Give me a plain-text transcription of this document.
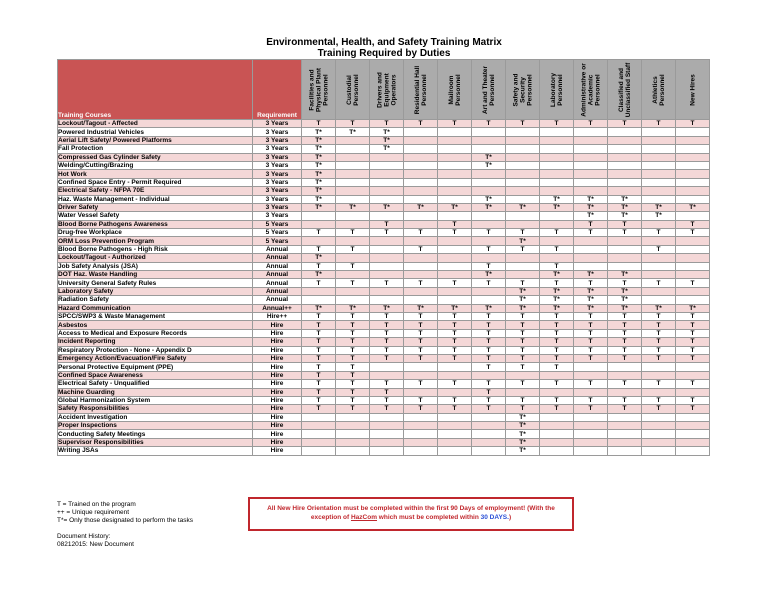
Environmental, Health, and Safety Training Matrix
Training Required by Duties
Training Courses	Requirement	Facilities and Physical Plant Personnel	Custodial Personnel	Drivers and Equipment Operators	Residential Hall Personnel	Mailroom Personnel	Art and Theater Personnel	Safety and Security Personnel	Laboratory Personnel	Administrative or Academic Personnel	Classified and Unclassified Staff	Athletics Personnel	New Hires

Lockout/Tagout - Affected	3 Years	T	T	T	T	T	T	T	T	T	T	T	T
Powered Industrial Vehicles	3 Years	T*	T*	T*									
Aerial Lift Safety/ Powered Platforms	3 Years	T*		T*									
Fall Protection	3 Years	T*		T*									
Compressed Gas Cylinder Safety	3 Years	T*					T*						
Welding/Cutting/Brazing	3 Years	T*					T*						
Hot Work	3 Years	T*											
Confined Space Entry - Permit Required	3 Years	T*											
Electrical Safety - NFPA 70E	3 Years	T*											
Haz. Waste Management - Individual	3 Years	T*					T*		T*	T*	T*		
Driver Safety	3 Years	T*	T*	T*	T*	T*	T*	T*	T*	T*	T*	T*	T*
Water Vessel Safety	3 Years									T*	T*	T*	
Blood Borne Pathogens Awareness	5 Years			T		T				T	T		T
Drug-free Workplace	5 Years	T	T	T	T	T	T	T	T	T	T	T	T
ORM Loss Prevention Program	5 Years							T*					
Blood Borne Pathogens - High Risk	Annual	T	T		T		T	T	T			T	
Lockout/Tagout - Authorized	Annual	T*											
Job Safety Analysis (JSA)	Annual	T	T				T		T				
DOT Haz. Waste Handling	Annual	T*					T*		T*	T*	T*		
University General Safety Rules	Annual	T	T	T	T	T	T	T	T	T	T	T	T
Laboratory Safety	Annual							T*	T*	T*	T*		
Radiation Safety	Annual							T*	T*	T*	T*		
Hazard Communication	Annual++	T*	T*	T*	T*	T*	T*	T*	T*	T*	T*	T*	T*
SPCC/SWP3 & Waste Management	Hire++	T	T	T	T	T	T	T	T	T	T	T	T
Asbestos	Hire	T	T	T	T	T	T	T	T	T	T	T	T
Access to Medical and Exposure Records	Hire	T	T	T	T	T	T	T	T	T	T	T	T
Incident Reporting	Hire	T	T	T	T	T	T	T	T	T	T	T	T
Respiratory Protection - None - Appendix D	Hire	T	T	T	T	T	T	T	T	T	T	T	T
Emergency Action/Evacuation/Fire Safety	Hire	T	T	T	T	T	T	T	T	T	T	T	T
Personal Protective Equipment (PPE)	Hire	T	T				T	T	T				
Confined Space Awareness	Hire	T	T										
Electrical Safety - Unqualified	Hire	T	T	T	T	T	T	T	T	T	T	T	T
Machine Guarding	Hire	T	T	T			T						
Global Harmonization System	Hire	T	T	T	T	T	T	T	T	T	T	T	T
Safety Responsibilities	Hire	T	T	T	T	T	T	T	T	T	T	T	T
Accident Investigation	Hire							T*					
Proper Inspections	Hire							T*					
Conducting Safety Meetings	Hire							T*					
Supervisor Responsibilities	Hire							T*					
Writing JSAs	Hire							T*					
T = Trained on the program
++ = Unique requirement
T*= Only those designated to perform the tasks
Document History:
08212015: New Document
All New Hire Orientation must be completed within the first 90 Days of employment! (With the
exception of HazCom which must be completed within 30 DAYS.)
